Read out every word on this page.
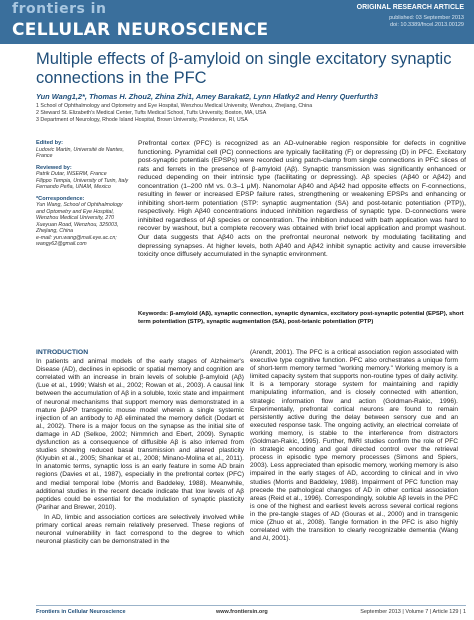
frontiers in
CELLULAR NEUROSCIENCE
ORIGINAL RESEARCH ARTICLE
published: 03 September 2013
doi: 10.3389/fncel.2013.00129
Multiple effects of β-amyloid on single excitatory synaptic connections in the PFC
Yun Wang1,2*, Thomas H. Zhou2, Zhina Zhi1, Amey Barakat2, Lynn Hlatky2 and Henry Querfurth3
1 School of Ophthalmology and Optometry and Eye Hospital, Wenzhou Medical University, Wenzhou, Zhejiang, China
2 Steward St. Elizabeth's Medical Center, Tufts Medical School, Tufts University, Boston, MA, USA
3 Department of Neurology, Rhode Island Hospital, Brown University, Providence, RI, USA
Edited by:
Ludovic Martin, Université de Nantes, France
Reviewed by:
Patrik Dutar, INSERM, France
Filippo Tempia, University of Turin, Italy
Fernando Peña, UNAM, Mexico
*Correspondence:
Yun Wang, School of Ophthalmology and Optometry and Eye Hospital, Wenzhou Medical University, 270 Xueyuan Road, Wenzhou, 325003, Zhejiang, China
e-mail: yun.wang@mail.eye.ac.cn; wangy62@gmail.com
Prefrontal cortex (PFC) is recognized as an AD-vulnerable region responsible for defects in cognitive functioning. Pyramidal cell (PC) connections are typically facilitating (F) or depressing (D) in PFC. Excitatory post-synaptic potentials (EPSPs) were recorded using patch-clamp from single connections in PFC slices of rats and ferrets in the presence of β-amyloid (Aβ). Synaptic transmission was significantly enhanced or reduced depending on their intrinsic type (facilitating or depressing). Aβ species (Aβ40 or Aβ42) and concentration (1–200 nM vs. 0.3–1 μM). Nanomolar Aβ40 and Aβ42 had opposite effects on F-connections, resulting in fewer or increased EPSP failure rates, strengthening or weakening EPSPs and enhancing or inhibiting short-term potentiation (STP: synaptic augmentation (SA) and post-tetanic potentiation (PTP)), respectively. High Aβ40 concentrations induced inhibition regardless of synaptic type. D-connections were inhibited regardless of Aβ species or concentration. The inhibition induced with bath application was hard to recover by washout, but a complete recovery was obtained with brief local application and prompt washout. Our data suggests that Aβ40 acts on the prefrontal neuronal network by modulating facilitating and depressing synapses. At higher levels, both Aβ40 and Aβ42 inhibit synaptic activity and cause irreversible toxicity once diffusely accumulated in the synaptic environment.
Keywords: β-amyloid (Aβ), synaptic connection, synaptic dynamics, excitatory post-synaptic potential (EPSP), short term potentiation (STP), synaptic augmentation (SA), post-tetanic potentiation (PTP)
INTRODUCTION

In patients and animal models of the early stages of Alzheimer's Disease (AD), declines in episodic or spatial memory and cognition are correlated with an increase in brain levels of soluble β-amyloid (Aβ) (Lue et al., 1999; Walsh et al., 2002; Rowan et al., 2003). A causal link between the accumulation of Aβ in a soluble, toxic state and impairment of neuronal mechanisms that support memory was demonstrated in a mature βAPP transgenic mouse model wherein a single systemic injection of an antibody to Aβ eliminated the memory deficit (Dodart et al., 2002). There is a major focus on the synapse as the initial site of damage in AD (Selkoe, 2002; Nimmrich and Ebert, 2009). Synaptic dysfunction as a consequence of diffusible Aβ is also inferred from studies showing reduced basal transmission and altered plasticity (Klyubin et al., 2005; Shankar et al., 2008; Minano-Molina et al., 2011). In anatomic terms, synaptic loss is an early feature in some AD brain regions (Davies et al., 1987), especially in the prefrontal cortex (PFC) and medial temporal lobe (Morris and Baddeley, 1988). Meanwhile, additional studies in the recent decade indicate that low levels of Aβ peptides could be essential for the modulation of synaptic plasticity (Parihar and Brewer, 2010).

In AD, limbic and association cortices are selectively involved while primary cortical areas remain relatively preserved. These regions of neuronal vulnerability in fact correspond to the degree to which neuronal plasticity can be demonstrated in the

(Arendt, 2001). The PFC is a critical association region associated with executive type cognitive function. PFC also orchestrates a unique form of short-term memory termed "working memory." Working memory is a limited capacity system that supports non-routine types of daily activity. It is a temporary storage system for maintaining and rapidly manipulating information, and is closely connected with attention, strategic information flow and action (Goldman-Rakic, 1996). Experimentally, prefrontal cortical neurons are found to remain persistently active during the delay between sensory cue and an executed response task. The ongoing activity, an electrical correlate of working memory, is stable to the interference from distractors (Goldman-Rakic, 1995). Further, fMRI studies confirm the role of PFC in strategic encoding and goal directed control over the retrieval process in episodic type memory processes (Simons and Spiers, 2003). Less appreciated than episodic memory, working memory is also impaired in the early stages of AD, according to clinical and in vivo studies (Morris and Baddeley, 1988). Impairment of PFC function may precede the pathological changes of AD in other cortical association areas (Reid et al., 1996). Correspondingly, soluble Aβ levels in the PFC is one of the highest and earliest levels across several cortical regions in the pre-tangle stages of AD (Gouras et al., 2000) and in transgenic mice (Zhuo et al., 2008). Tangle formation in the PFC is also highly correlated with the transition to clearly recognizable dementia (Wang and Al, 2001).

Frontiers in Cellular Neuroscience	www.frontiersin.org	September 2013 | Volume 7 | Article 129 | 1
